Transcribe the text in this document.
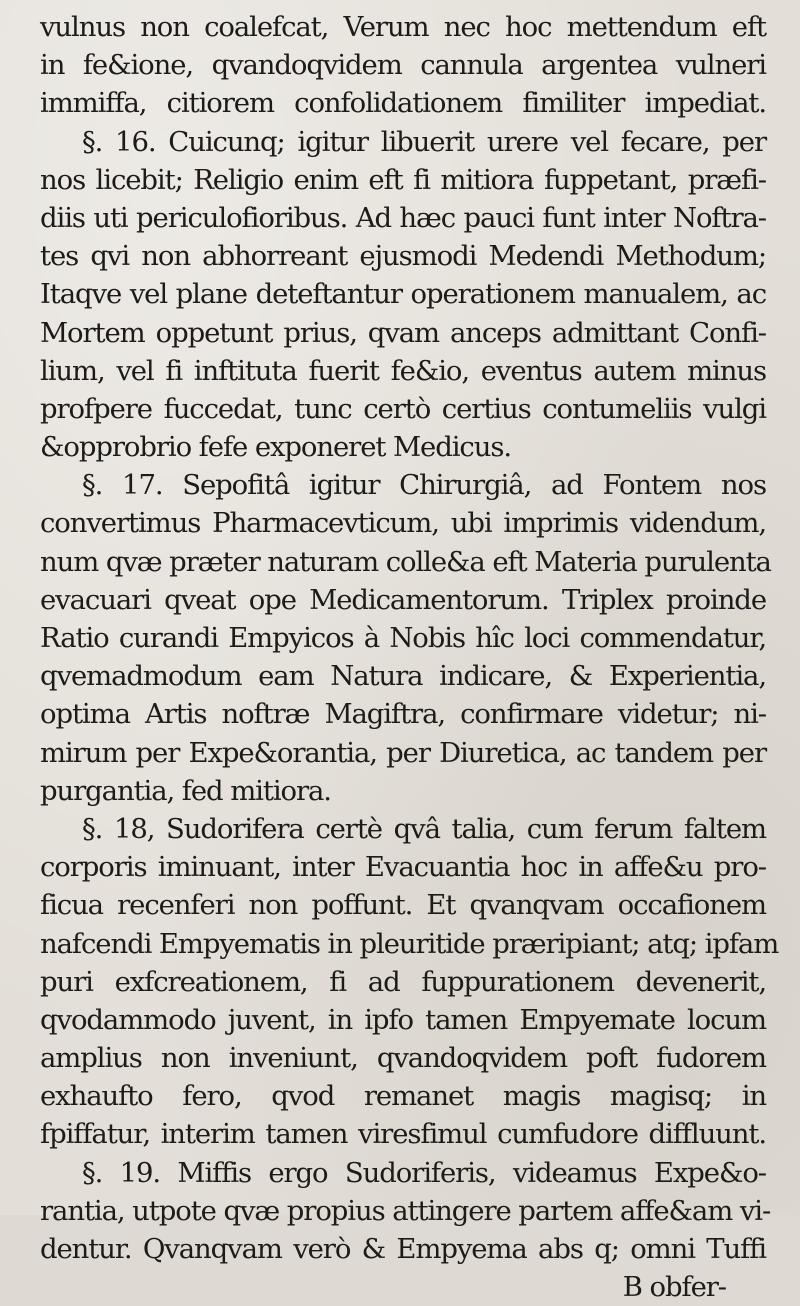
vulnus non coalefcat, Verum nec hoc mettendum eft
in fe&ione, qvandoqvidem cannula argentea vulneri
immiffa, citiorem confolidationem fimiliter impediat.
§. 16. Cuicunq; igitur libuerit urere vel fecare, per
nos licebit; Religio enim eft fi mitiora fuppetant, præfi-
diis uti periculofioribus. Ad hæc pauci funt inter Noftra-
tes qvi non abhorreant ejusmodi Medendi Methodum;
Itaqve vel plane deteftantur operationem manualem, ac
Mortem oppetunt prius, qvam anceps admittant Confi-
lium, vel fi inftituta fuerit fe&io, eventus autem minus
profpere fuccedat, tunc certò certius contumeliis vulgi
&opprobrio fefe exponeret Medicus.
§. 17. Sepofitâ igitur Chirurgiâ, ad Fontem nos
convertimus Pharmacevticum, ubi imprimis videndum,
num qvæ præter naturam colle&a eft Materia purulenta
evacuari qveat ope Medicamentorum. Triplex proinde
Ratio curandi Empyicos à Nobis hîc loci commendatur,
qvemadmodum eam Natura indicare, & Experientia,
optima Artis noftræ Magiftra, confirmare videtur; ni-
mirum per Expe&orantia, per Diuretica, ac tandem per
purgantia, fed mitiora.
§. 18, Sudorifera certè qvâ talia, cum ferum faltem
corporis iminuant, inter Evacuantia hoc in affe&u pro-
ficua recenferi non poffunt. Et qvanqvam occafionem
nafcendi Empyematis in pleuritide præripiant; atq; ipfam
puri exfcreationem, fi ad fuppurationem devenerit,
qvodammodo juvent, in ipfo tamen Empyemate locum
amplius non inveniunt, qvandoqvidem poft fudorem
exhaufto fero, qvod remanet magis magisq; in
fpiffatur, interim tamen viresfimul cumfudore diffluunt.
§. 19. Miffis ergo Sudoriferis, videamus Expe&o-
rantia, utpote qvæ propius attingere partem affe&am vi-
dentur. Qvanqvam verò & Empyema abs q; omni Tuffi
B obfer-
